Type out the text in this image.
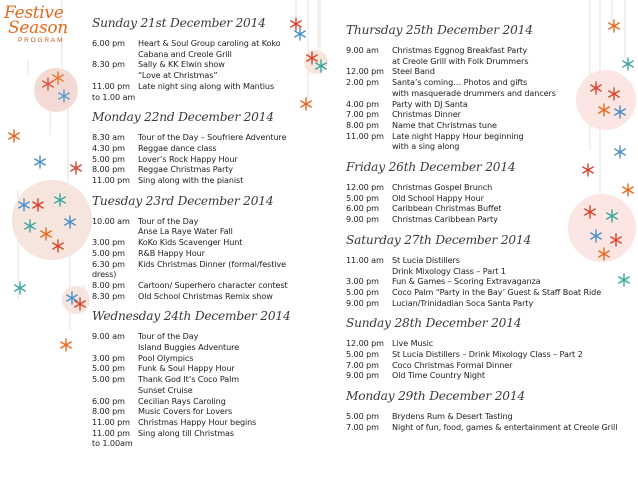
Festive
Season
PROGRAM
Sunday 21st December 2014
6.00 pm	Heart & Soul Group caroling at Koko
Cabana and Creole Grill
8.30 pm	Sally & KK Elwin show
“Love at Christmas”
11.00 pm Late night sing along with Mantius
to 1.00 am
Monday 22nd December 2014
8.30 am	Tour of the Day – Soufriere Adventure
4.30 pm	Reggae dance class
5.00 pm	Lover’s Rock Happy Hour
8.00 pm	Reggae Christmas Party
11.00 pm Sing along with the pianist
Tuesday 23rd December 2014
10.00 am	Tour of the Day
Anse La Raye Water Fall
3.00 pm	KoKo Kids Scavenger Hunt
5.00 pm	R&B Happy Hour
6.30 pm	Kids Christmas Dinner (formal/festive
dress)
8.00 pm	Cartoon/ Superhero character contest
8.30 pm	Old School Christmas Remix show
Wednesday 24th December 2014
9.00 am	Tour of the Day
Island Buggies Adventure
3.00 pm	Pool Olympics
5.00 pm	Funk & Soul Happy Hour
5.00 pm	Thank God It’s Coco Palm
Sunset Cruise
6.00 pm	Cecilian Rays Caroling
8.00 pm	Music Covers for Lovers
11.00 pm Christmas Happy Hour begins
11.00 pm Sing along till Christmas
to 1.00am
Thursday 25th December 2014
9.00 am	Christmas Eggnog Breakfast Party
at Creole Grill with Folk Drummers
12.00 pm Steel Band
2.00 pm	Santa’s coming… Photos and gifts
with masquerade drummers and dancers
4.00 pm	Party with DJ Santa
7.00 pm	Christmas Dinner
8.00 pm	Name that Christmas tune
11.00 pm Late night Happy Hour beginning
with a sing along
Friday 26th December 2014
12.00 pm Christmas Gospel Brunch
5.00 pm	Old School Happy Hour
6.00 pm	Caribbean Christmas Buffet
9.00 pm	Christmas Caribbean Party
Saturday 27th December 2014
11.00 am	St Lucia Distillers
Drink Mixology Class – Part 1
3.00 pm	Fun & Games – Scoring Extravaganza
5.00 pm	Coco Palm “Party in the Bay’ Guest & Staff Boat Ride
9.00 pm	Lucian/Trinidadian Soca Santa Party
Sunday 28th December 2014
12.00 pm Live Music
5.00 pm	St Lucia Distillers – Drink Mixology Class – Part 2
7.00 pm	Coco Christmas Formal Dinner
9.00 pm	Old Time Country Night
Monday 29th December 2014
5.00 pm	Brydens Rum & Desert Tasting
7.00 pm	Night of fun, food, games & entertainment at Creole Grill
